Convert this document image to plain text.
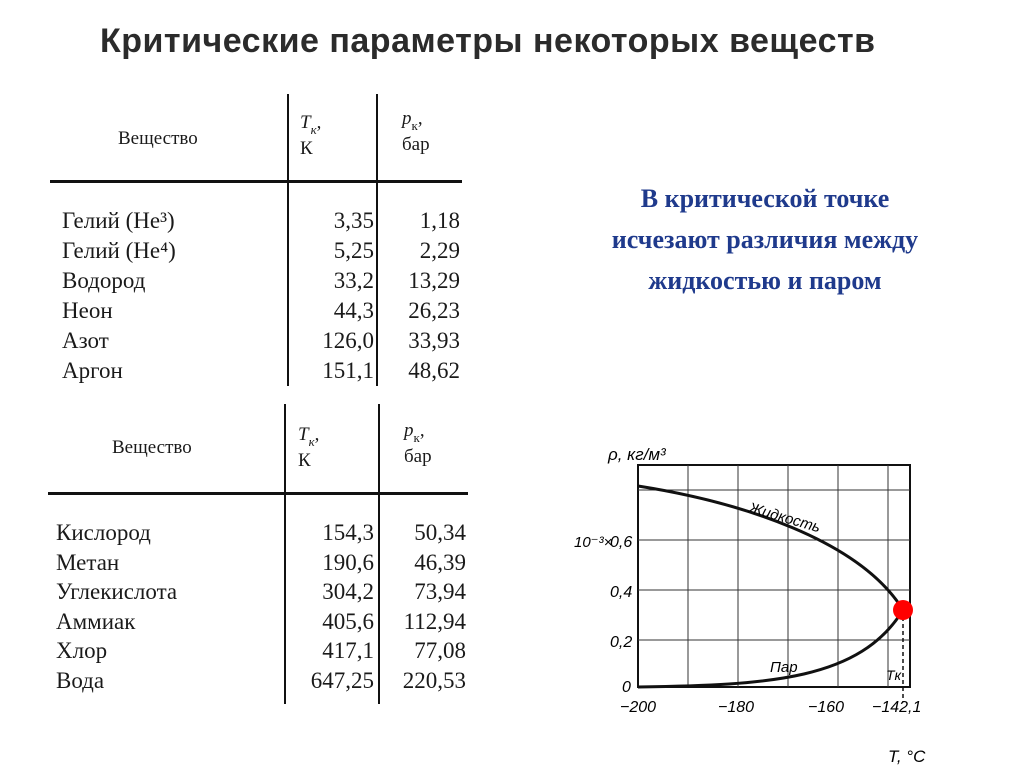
Критические параметры некоторых веществ
Вещество
$T_к$, К
$p_к$,
бар
Гелий (He³)	3,35	1,18
Гелий (He⁴)	5,25	2,29
Водород	33,2	13,29
Неон	44,3	26,23
Азот	126,0	33,93
Аргон	151,1	48,62
Вещество
$T_к$, К
$p_к$,
бар
Кислород	154,3	50,34
Метан	190,6	46,39
Углекислота	304,2	73,94
Аммиак	405,6	112,94
Хлор	417,1	77,08
Вода	647,25	220,53
В критической точке исчезают различия между жидкостью и паром
ρ, кг/м³
10⁻³×
0,6
0,4
0,2
0
−200	−180	−160 −142,1
T, °C
Жидкость
Пар	Tк
